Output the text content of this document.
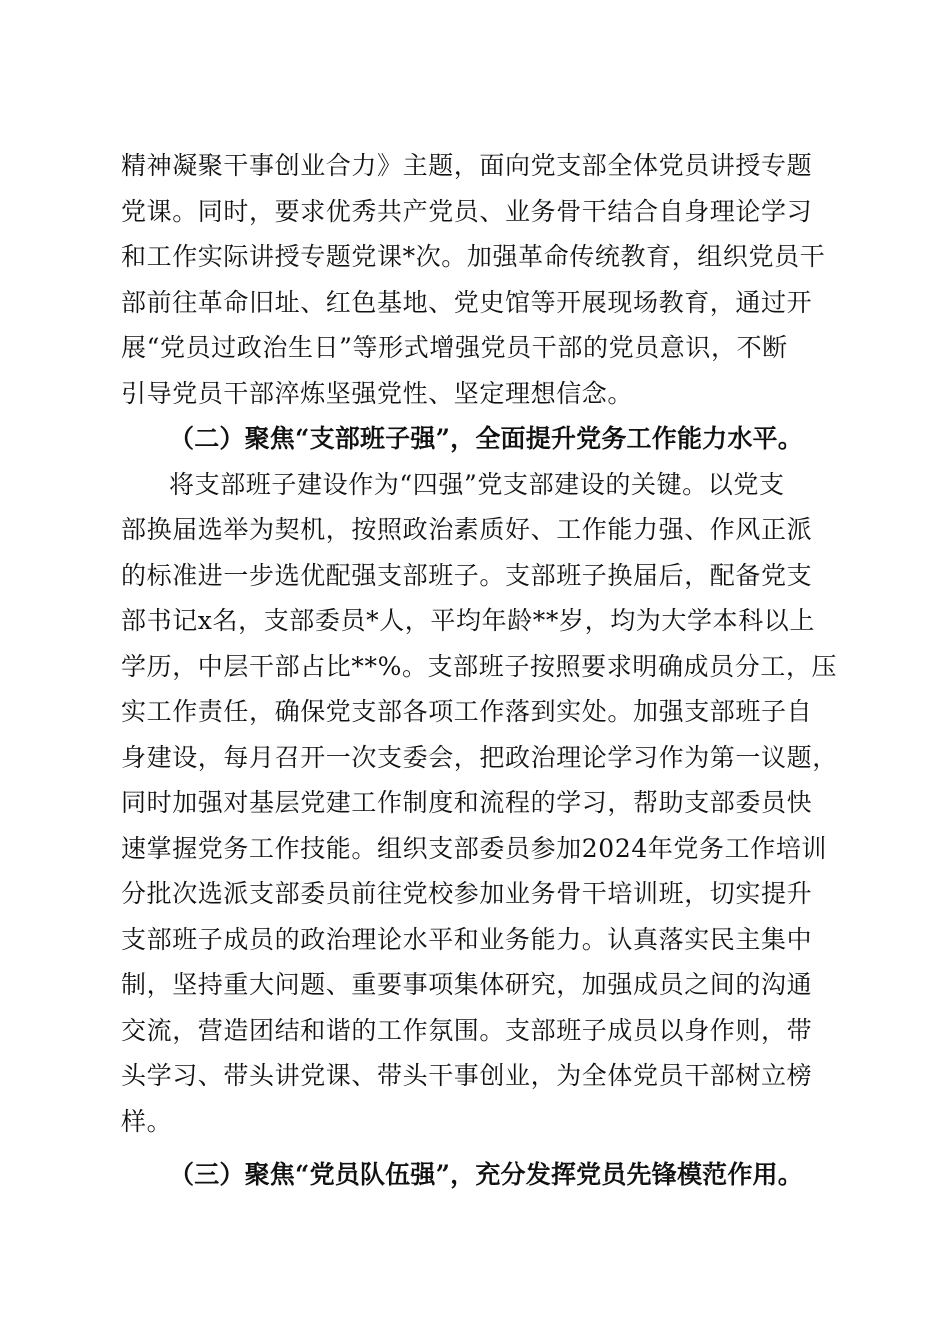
精神凝聚干事创业合力》主题，面向党支部全体党员讲授专题
党课。同时，要求优秀共产党员、业务骨干结合自身理论学习
和工作实际讲授专题党课*次。加强革命传统教育，组织党员干
部前往革命旧址、红色基地、党史馆等开展现场教育，通过开
展“党员过政治生日”等形式增强党员干部的党员意识，不断
引导党员干部淬炼坚强党性、坚定理想信念。
（二）聚焦“支部班子强”，全面提升党务工作能力水平。
将支部班子建设作为“四强”党支部建设的关键。以党支
部换届选举为契机，按照政治素质好、工作能力强、作风正派
的标准进一步选优配强支部班子。支部班子换届后，配备党支
部书记x名，支部委员*人，平均年龄**岁，均为大学本科以上
学历，中层干部占比**%。支部班子按照要求明确成员分工，压
实工作责任，确保党支部各项工作落到实处。加强支部班子自
身建设，每月召开一次支委会，把政治理论学习作为第一议题，
同时加强对基层党建工作制度和流程的学习，帮助支部委员快
速掌握党务工作技能。组织支部委员参加2024年党务工作培训
分批次选派支部委员前往党校参加业务骨干培训班，切实提升
支部班子成员的政治理论水平和业务能力。认真落实民主集中
制，坚持重大问题、重要事项集体研究，加强成员之间的沟通
交流，营造团结和谐的工作氛围。支部班子成员以身作则，带
头学习、带头讲党课、带头干事创业，为全体党员干部树立榜
样。
（三）聚焦“党员队伍强”，充分发挥党员先锋模范作用。
